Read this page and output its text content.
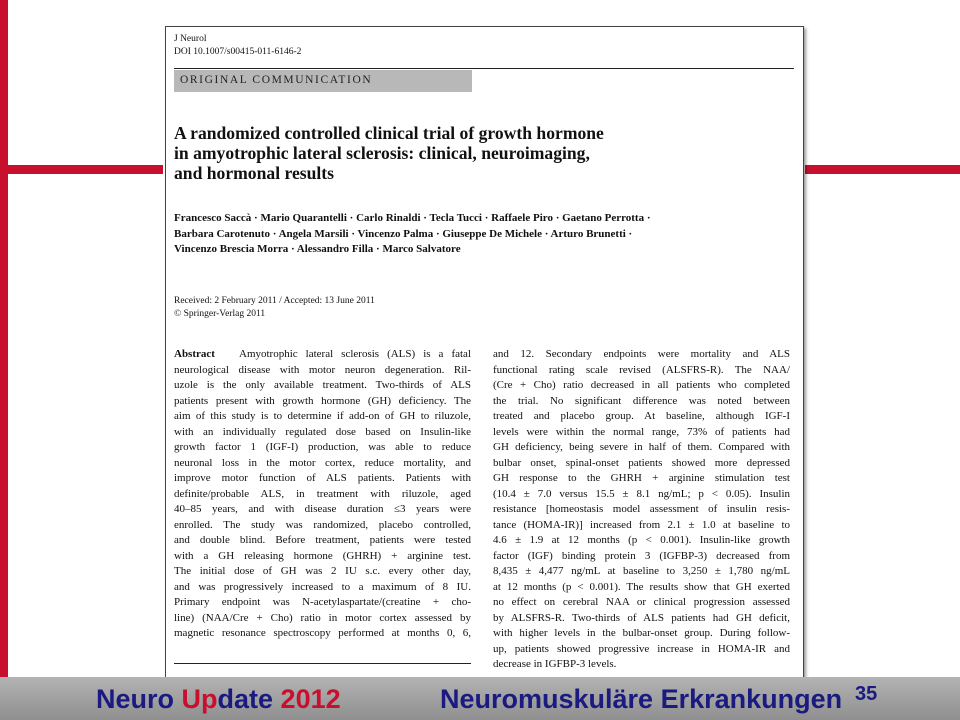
J Neurol
DOI 10.1007/s00415-011-6146-2
ORIGINAL COMMUNICATION
A randomized controlled clinical trial of growth hormone
in amyotrophic lateral sclerosis: clinical, neuroimaging,
and hormonal results
Francesco Saccà · Mario Quarantelli · Carlo Rinaldi · Tecla Tucci · Raffaele Piro · Gaetano Perrotta ·
Barbara Carotenuto · Angela Marsili · Vincenzo Palma · Giuseppe De Michele · Arturo Brunetti ·
Vincenzo Brescia Morra · Alessandro Filla · Marco Salvatore
Received: 2 February 2011 / Accepted: 13 June 2011
© Springer-Verlag 2011
Abstract Amyotrophic lateral sclerosis (ALS) is a fatal
neurological disease with motor neuron degeneration. Ril-
uzole is the only available treatment. Two-thirds of ALS
patients present with growth hormone (GH) deficiency. The
aim of this study is to determine if add-on of GH to riluzole,
with an individually regulated dose based on Insulin-like
growth factor 1 (IGF-I) production, was able to reduce
neuronal loss in the motor cortex, reduce mortality, and
improve motor function of ALS patients. Patients with
definite/probable ALS, in treatment with riluzole, aged
40–85 years, and with disease duration ≤3 years were
enrolled. The study was randomized, placebo controlled,
and double blind. Before treatment, patients were tested
with a GH releasing hormone (GHRH) + arginine test.
The initial dose of GH was 2 IU s.c. every other day,
and was progressively increased to a maximum of 8 IU.
Primary endpoint was N-acetylaspartate/(creatine + cho-
line) (NAA/Cre + Cho) ratio in motor cortex assessed by
magnetic resonance spectroscopy performed at months 0, 6,
and 12. Secondary endpoints were mortality and ALS
functional rating scale revised (ALSFRS-R). The NAA/
(Cre + Cho) ratio decreased in all patients who completed
the trial. No significant difference was noted between
treated and placebo group. At baseline, although IGF-I
levels were within the normal range, 73% of patients had
GH deficiency, being severe in half of them. Compared with
bulbar onset, spinal-onset patients showed more depressed
GH response to the GHRH + arginine stimulation test
(10.4 ± 7.0 versus 15.5 ± 8.1 ng/mL; p < 0.05). Insulin
resistance [homeostasis model assessment of insulin resis-
tance (HOMA-IR)] increased from 2.1 ± 1.0 at baseline to
4.6 ± 1.9 at 12 months (p < 0.001). Insulin-like growth
factor (IGF) binding protein 3 (IGFBP-3) decreased from
8,435 ± 4,477 ng/mL at baseline to 3,250 ± 1,780 ng/mL
at 12 months (p < 0.001). The results show that GH exerted
no effect on cerebral NAA or clinical progression assessed
by ALSFRS-R. Two-thirds of ALS patients had GH deficit,
with higher levels in the bulbar-onset group. During follow-
up, patients showed progressive increase in HOMA-IR and
decrease in IGFBP-3 levels.
Neuro Update 2012	Neuromuskuläre Erkrankungen 35
